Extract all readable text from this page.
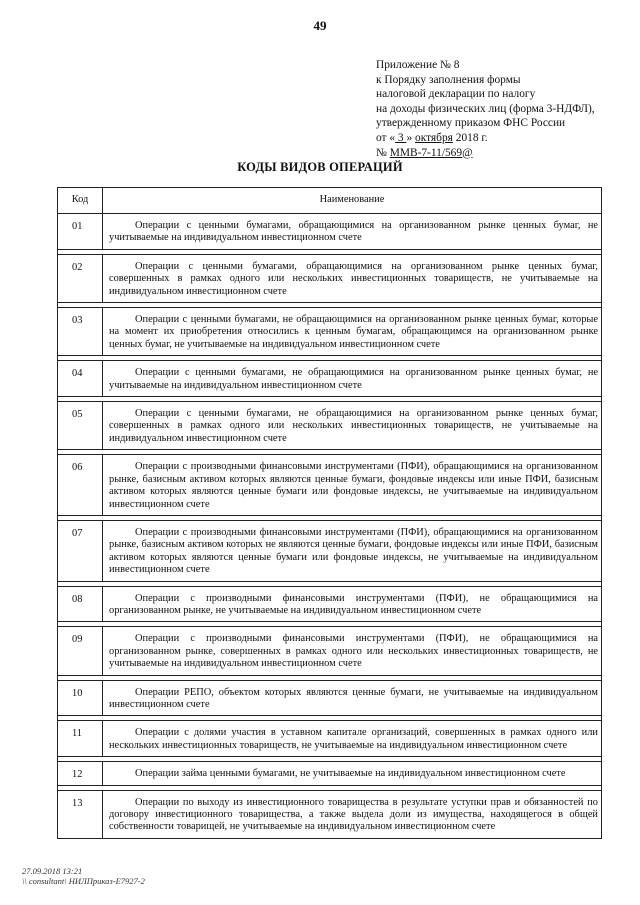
49
Приложение № 8
к Порядку заполнения формы
налоговой декларации по налогу
на доходы физических лиц (форма 3-НДФЛ),
утвержденному приказом ФНС России
от « 3 » октября 2018 г.
№ ММВ-7-11/569@
КОДЫ ВИДОВ ОПЕРАЦИЙ
Код	Наименование
01	Операции с ценными бумагами, обращающимися на организованном рынке ценных бумаг, не учитываемые на индивидуальном инвестиционном счете

02	Операции с ценными бумагами, обращающимися на организованном рынке ценных бумаг, совершенных в рамках одного или нескольких инвестиционных товариществ, не учитываемые на индивидуальном инвестиционном счете

03	Операции с ценными бумагами, не обращающимися на организованном рынке ценных бумаг, которые на момент их приобретения относились к ценным бумагам, обращающимся на организованном рынке ценных бумаг, не учитываемые на индивидуальном инвестиционном счете

04	Операции с ценными бумагами, не обращающимися на организованном рынке ценных бумаг, не учитываемые на индивидуальном инвестиционном счете

05	Операции с ценными бумагами, не обращающимися на организованном рынке ценных бумаг, совершенных в рамках одного или нескольких инвестиционных товариществ, не учитываемые на индивидуальном инвестиционном счете

06	Операции с производными финансовыми инструментами (ПФИ), обращающимися на организованном рынке, базисным активом которых являются ценные бумаги, фондовые индексы или иные ПФИ, базисным активом которых являются ценные бумаги или фондовые индексы, не учитываемые на индивидуальном инвестиционном счете

07	Операции с производными финансовыми инструментами (ПФИ), обращающимися на организованном рынке, базисным активом которых не являются ценные бумаги, фондовые индексы или иные ПФИ, базисным активом которых являются ценные бумаги или фондовые индексы, не учитываемые на индивидуальном инвестиционном счете

08	Операции с производными финансовыми инструментами (ПФИ), не обращающимися на организованном рынке, не учитываемые на индивидуальном инвестиционном счете

09	Операции с производными финансовыми инструментами (ПФИ), не обращающимися на организованном рынке, совершенных в рамках одного или нескольких инвестиционных товариществ, не учитываемые на индивидуальном инвестиционном счете

10	Операции РЕПО, объектом которых являются ценные бумаги, не учитываемые на индивидуальном инвестиционном счете

11	Операции с долями участия в уставном капитале организаций, совершенных в рамках одного или нескольких инвестиционных товариществ, не учитываемые на индивидуальном инвестиционном счете

12	Операции займа ценными бумагами, не учитываемые на индивидуальном инвестиционном счете

13	Операции по выходу из инвестиционного товарищества в результате уступки прав и обязанностей по договору инвестиционного товарищества, а также выдела доли из имущества, находящегося в общей собственности товарищей, не учитываемые на индивидуальном инвестиционном счете
27.09.2018 13:21
\\ consultant\ НИЛПриказ-Е7927-2
